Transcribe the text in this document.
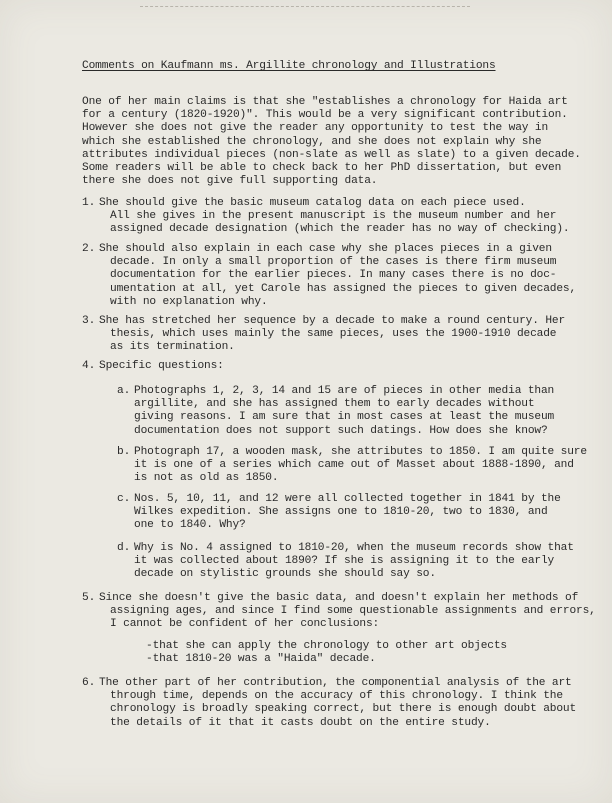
Comments on Kaufmann ms. Argillite chronology and Illustrations
One of her main claims is that she "establishes a chronology for Haida art
for a century (1820-1920)". This would be a very significant contribution.
However she does not give the reader any opportunity to test the way in
which she established the chronology, and she does not explain why she
attributes individual pieces (non-slate as well as slate) to a given decade.
Some readers will be able to check back to her PhD dissertation, but even
there she does not give full supporting data.
1. She should give the basic museum catalog data on each piece used.
All she gives in the present manuscript is the museum number and her
assigned decade designation (which the reader has no way of checking).
2. She should also explain in each case why she places pieces in a given
decade. In only a small proportion of the cases is there firm museum
documentation for the earlier pieces. In many cases there is no doc-
umentation at all, yet Carole has assigned the pieces to given decades,
with no explanation why.
3. She has stretched her sequence by a decade to make a round century. Her
thesis, which uses mainly the same pieces, uses the 1900-1910 decade
as its termination.
4. Specific questions:
a. Photographs 1, 2, 3, 14 and 15 are of pieces in other media than
argillite, and she has assigned them to early decades without
giving reasons. I am sure that in most cases at least the museum
documentation does not support such datings. How does she know?
b. Photograph 17, a wooden mask, she attributes to 1850. I am quite sure
it is one of a series which came out of Masset about 1888-1890, and
is not as old as 1850.
c. Nos. 5, 10, 11, and 12 were all collected together in 1841 by the
Wilkes expedition. She assigns one to 1810-20, two to 1830, and
one to 1840. Why?
d. Why is No. 4 assigned to 1810-20, when the museum records show that
it was collected about 1890? If she is assigning it to the early
decade on stylistic grounds she should say so.
5. Since she doesn't give the basic data, and doesn't explain her methods of
assigning ages, and since I find some questionable assignments and errors,
I cannot be confident of her conclusions:
-that she can apply the chronology to other art objects
-that 1810-20 was a "Haida" decade.
6. The other part of her contribution, the componential analysis of the art
through time, depends on the accuracy of this chronology. I think the
chronology is broadly speaking correct, but there is enough doubt about
the details of it that it casts doubt on the entire study.
